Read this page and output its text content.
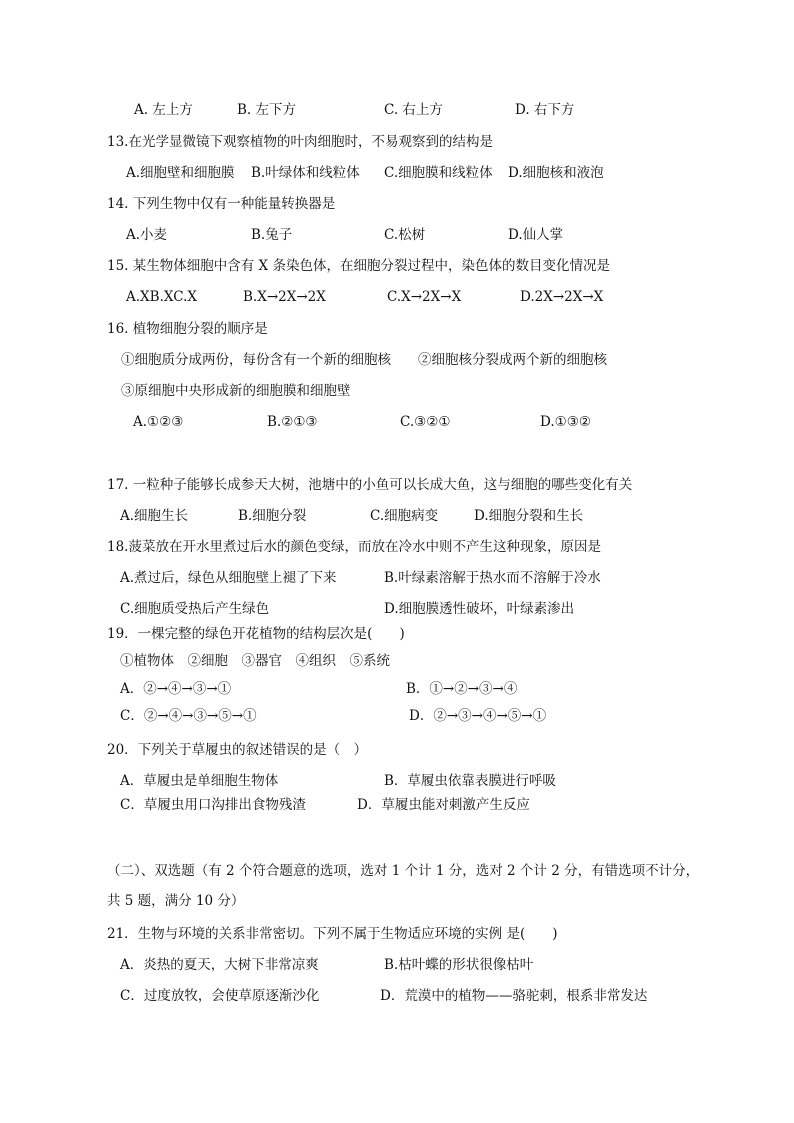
A. 左上方	B. 左下方	C. 右上方	D. 右下方
13.在光学显微镜下观察植物的叶肉细胞时，不易观察到的结构是
A.细胞壁和细胞膜 B.叶绿体和线粒体 C.细胞膜和线粒体 D.细胞核和液泡
14. 下列生物中仅有一种能量转换器是
A.小麦	B.兔子	C.松树	D.仙人掌
15. 某生物体细胞中含有 X 条染色体，在细胞分裂过程中，染色体的数目变化情况是
A.XB.XC.X	B.X→2X→2X	C.X→2X→X	D.2X→2X→X
16. 植物细胞分裂的顺序是
①细胞质分成两份，每份含有一个新的细胞核 ②细胞核分裂成两个新的细胞核
③原细胞中央形成新的细胞膜和细胞壁
A.①②③	B.②①③	C.③②①	D.①③②
17. 一粒种子能够长成参天大树，池塘中的小鱼可以长成大鱼，这与细胞的哪些变化有关
A.细胞生长	B.细胞分裂	C.细胞病变	D.细胞分裂和生长
18.菠菜放在开水里煮过后水的颜色变绿，而放在冷水中则不产生这种现象，原因是
A.煮过后，绿色从细胞壁上褪了下来	B.叶绿素溶解于热水而不溶解于冷水
C.细胞质受热后产生绿色	D.细胞膜透性破坏，叶绿素渗出
19．一棵完整的绿色开花植物的结构层次是(　　)
①植物体　②细胞　③器官　④组织　⑤系统
A．②→④→③→①	B．①→②→③→④
C．②→④→③→⑤→①	D．②→③→④→⑤→①
20．下列关于草履虫的叙述错误的是（　）
A．草履虫是单细胞生物体	B．草履虫依靠表膜进行呼吸
C．草履虫用口沟排出食物残渣	D．草履虫能对刺激产生反应
（二）、双选题（有 2 个符合题意的选项，选对 1 个计 1 分，选对 2 个计 2 分，有错选项不计分，
共 5 题，满分 10 分）
21．生物与环境的关系非常密切。下列不属于生物适应环境的实例 是(　　)
A．炎热的夏天，大树下非常凉爽	B.枯叶蝶的形状很像枯叶
C．过度放牧，会使草原逐渐沙化	D．荒漠中的植物——骆驼刺，根系非常发达
